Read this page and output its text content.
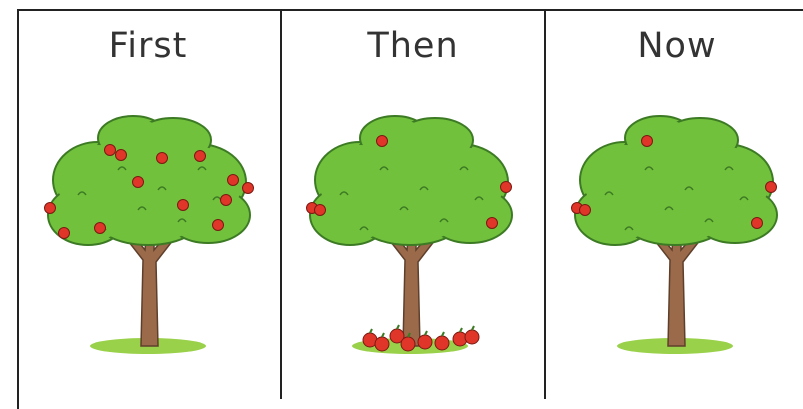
First	Then	Now
